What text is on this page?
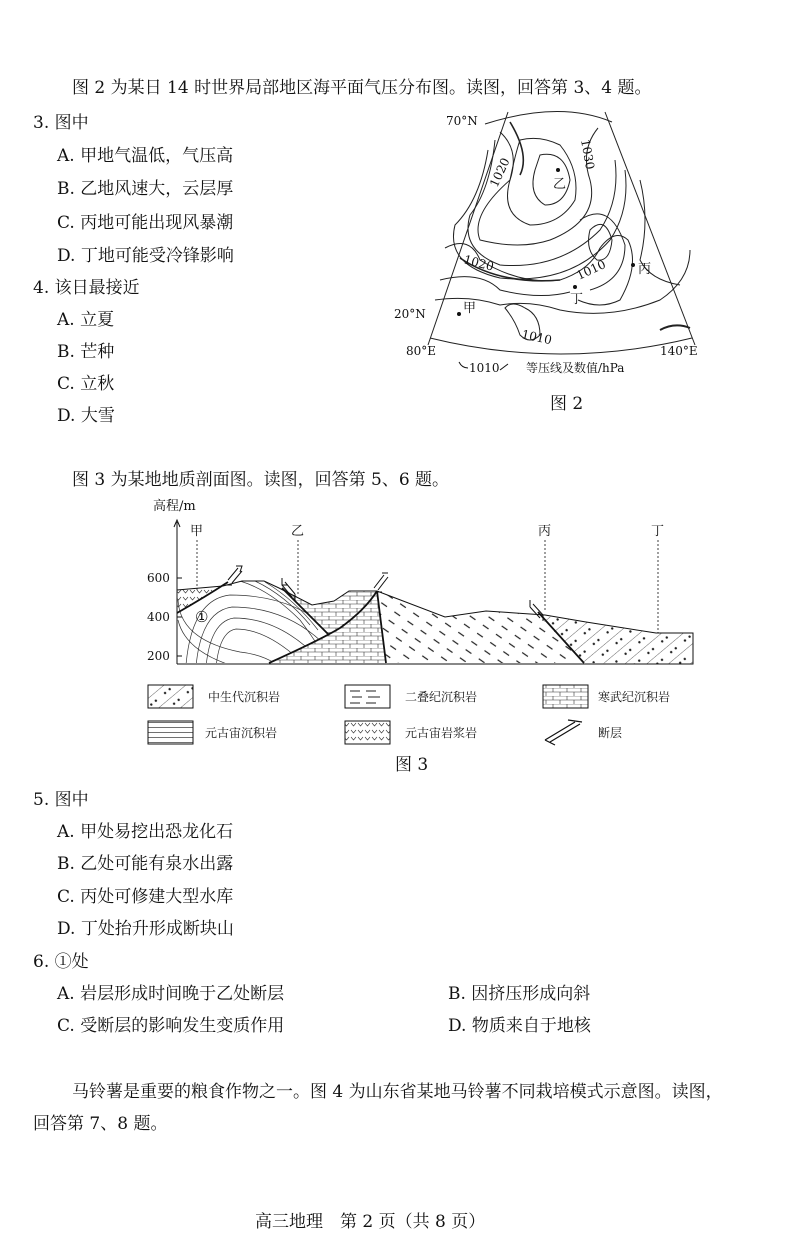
图 2 为某日 14 时世界局部地区海平面气压分布图。读图，回答第 3、4 题。
3. 图中
A. 甲地气温低，气压高
B. 乙地风速大，云层厚
C. 丙地可能出现风暴潮
D. 丁地可能受冷锋影响
4. 该日最接近
A. 立夏
B. 芒种
C. 立秋
D. 大雪
70°N
20°N
80°E	140°E
1030
1020
1020	1010
1010
甲
乙
丙
丁
1010 等压线及数值/hPa
图 2
图 3 为某地地质剖面图。读图，回答第 5、6 题。
高程/m
600
400
200
甲	乙	丙	丁
①
中生代沉积岩	二叠纪沉积岩	寒武纪沉积岩
元古宙沉积岩	元古宙岩浆岩	断层
图 3
5. 图中
A. 甲处易挖出恐龙化石
B. 乙处可能有泉水出露
C. 丙处可修建大型水库
D. 丁处抬升形成断块山
6. ①处
A. 岩层形成时间晚于乙处断层	B. 因挤压形成向斜
C. 受断层的影响发生变质作用	D. 物质来自于地核
马铃薯是重要的粮食作物之一。图 4 为山东省某地马铃薯不同栽培模式示意图。读图，
回答第 7、8 题。
高三地理　第 2 页（共 8 页）
